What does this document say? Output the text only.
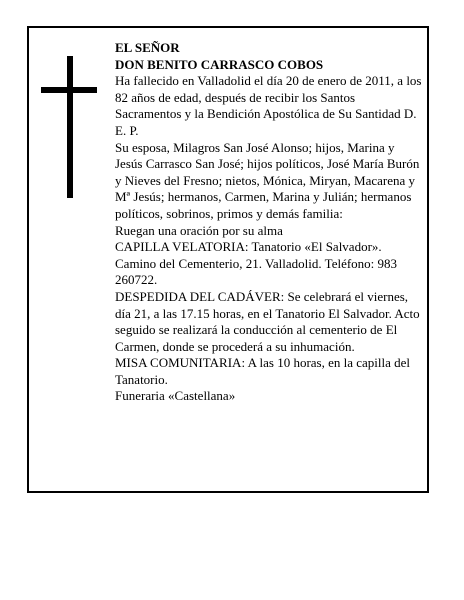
EL SEÑOR

DON BENITO CARRASCO COBOS

Ha fallecido en Valladolid el día 20 de enero de 2011, a los 82 años de edad, después de recibir los Santos Sacramentos y la Bendición Apostólica de Su Santidad D. E. P.

Su esposa, Milagros San José Alonso; hijos, Marina y Jesús Carrasco San José; hijos políticos, José María Burón y Nieves del Fresno; nietos, Mónica, Miryan, Macarena y Mª Jesús; hermanos, Carmen, Marina y Julián; hermanos políticos, sobrinos, primos y demás familia:

Ruegan una oración por su alma

CAPILLA VELATORIA: Tanatorio «El Salvador». Camino del Cementerio, 21. Valladolid. Teléfono: 983 260722.

DESPEDIDA DEL CADÁVER: Se celebrará el viernes, día 21, a las 17.15 horas, en el Tanatorio El Salvador. Acto seguido se realizará la conducción al cementerio de El Carmen, donde se procederá a su inhumación.

MISA COMUNITARIA: A las 10 horas, en la capilla del Tanatorio.

Funeraria «Castellana»
